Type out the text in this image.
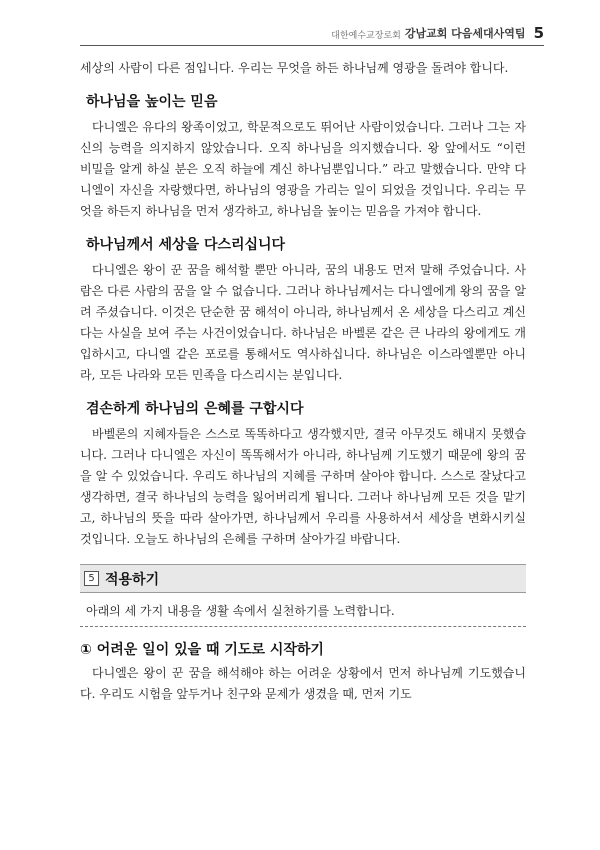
대한예수교장로회 강남교회 다음세대사역팀 5

세상의 사람이 다른 점입니다. 우리는 무엇을 하든 하나님께 영광을 돌려야 합니다.

하나님을 높이는 믿음

다니엘은 유다의 왕족이었고, 학문적으로도 뛰어난 사람이었습니다. 그러나 그는 자신의 능력을 의지하지 않았습니다. 오직 하나님을 의지했습니다. 왕 앞에서도 “이런 비밀을 알게 하실 분은 오직 하늘에 계신 하나님뿐입니다.” 라고 말했습니다. 만약 다니엘이 자신을 자랑했다면, 하나님의 영광을 가리는 일이 되었을 것입니다. 우리는 무엇을 하든지 하나님을 먼저 생각하고, 하나님을 높이는 믿음을 가져야 합니다.

하나님께서 세상을 다스리십니다

다니엘은 왕이 꾼 꿈을 해석할 뿐만 아니라, 꿈의 내용도 먼저 말해 주었습니다. 사람은 다른 사람의 꿈을 알 수 없습니다. 그러나 하나님께서는 다니엘에게 왕의 꿈을 알려 주셨습니다. 이것은 단순한 꿈 해석이 아니라, 하나님께서 온 세상을 다스리고 계신다는 사실을 보여 주는 사건이었습니다. 하나님은 바벨론 같은 큰 나라의 왕에게도 개입하시고, 다니엘 같은 포로를 통해서도 역사하십니다. 하나님은 이스라엘뿐만 아니라, 모든 나라와 모든 민족을 다스리시는 분입니다.

겸손하게 하나님의 은혜를 구합시다

바벨론의 지혜자들은 스스로 똑똑하다고 생각했지만, 결국 아무것도 해내지 못했습니다. 그러나 다니엘은 자신이 똑똑해서가 아니라, 하나님께 기도했기 때문에 왕의 꿈을 알 수 있었습니다. 우리도 하나님의 지혜를 구하며 살아야 합니다. 스스로 잘났다고 생각하면, 결국 하나님의 능력을 잃어버리게 됩니다. 그러나 하나님께 모든 것을 맡기고, 하나님의 뜻을 따라 살아가면, 하나님께서 우리를 사용하셔서 세상을 변화시키실 것입니다. 오늘도 하나님의 은혜를 구하며 살아가길 바랍니다.

5 적용하기

아래의 세 가지 내용을 생활 속에서 실천하기를 노력합니다.

① 어려운 일이 있을 때 기도로 시작하기

다니엘은 왕이 꾼 꿈을 해석해야 하는 어려운 상황에서 먼저 하나님께 기도했습니다. 우리도 시험을 앞두거나 친구와 문제가 생겼을 때, 먼저 기도
